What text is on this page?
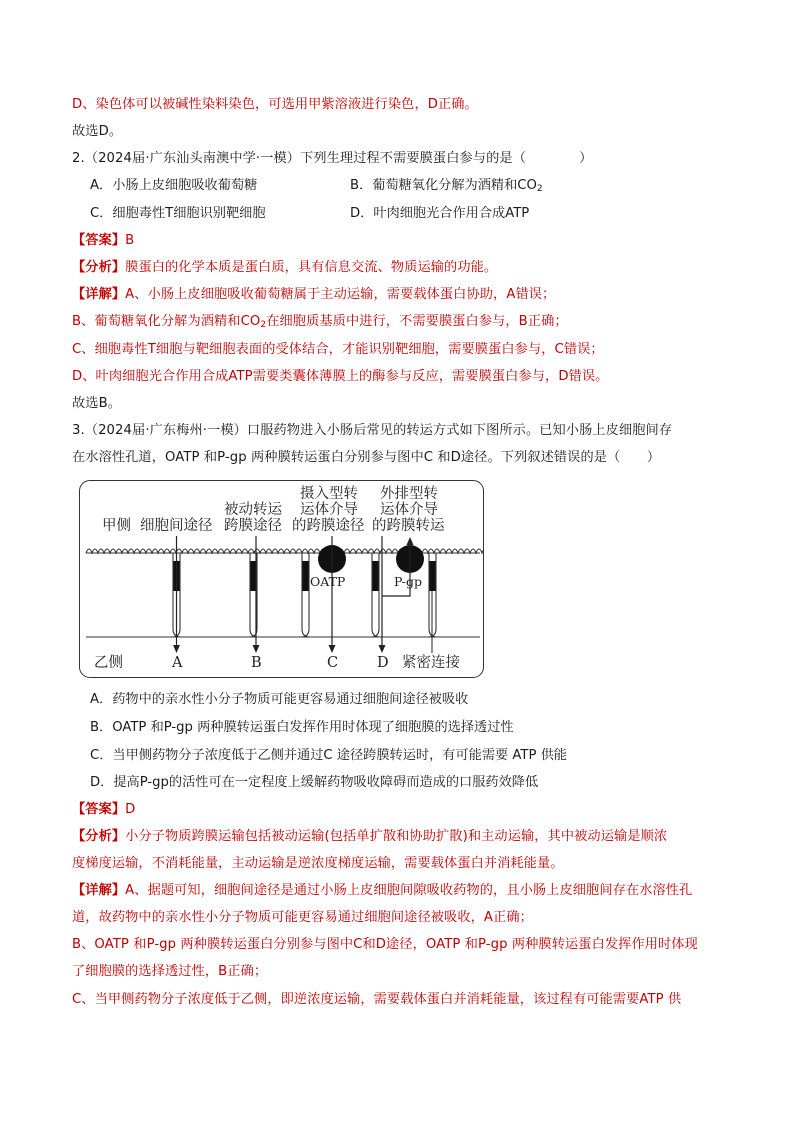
D、染色体可以被碱性染料染色，可选用甲紫溶液进行染色，D正确。
故选D。
2.（2024届·广东汕头南澳中学·一模）下列生理过程不需要膜蛋白参与的是（　　　　）
A．小肠上皮细胞吸收葡萄糖	B．葡萄糖氧化分解为酒精和$CO_2$
C．细胞毒性T细胞识别靶细胞	D．叶肉细胞光合作用合成ATP
【答案】B
【分析】膜蛋白的化学本质是蛋白质，具有信息交流、物质运输的功能。
【详解】A、小肠上皮细胞吸收葡萄糖属于主动运输，需要载体蛋白协助，A错误；
B、葡萄糖氧化分解为酒精和$CO_2$在细胞质基质中进行，不需要膜蛋白参与，B正确；
C、细胞毒性T细胞与靶细胞表面的受体结合，才能识别靶细胞，需要膜蛋白参与，C错误；
D、叶肉细胞光合作用合成ATP需要类囊体薄膜上的酶参与反应，需要膜蛋白参与，D错误。
故选B。
3.（2024届·广东梅州·一模）口服药物进入小肠后常见的转运方式如下图所示。已知小肠上皮细胞间存
在水溶性孔道，OATP 和P-gp 两种膜转运蛋白分别参与图中C 和D途径。下列叙述错误的是（　　）
甲侧 细胞间途径
被动转运
跨膜途径
摄入型转
运体介导
的跨膜途径
外排型转
运体介导
的跨膜转运
OATP	P-gp
乙侧	A	B	C	D 紧密连接
A．药物中的亲水性小分子物质可能更容易通过细胞间途径被吸收
B．OATP 和P-gp 两种膜转运蛋白发挥作用时体现了细胞膜的选择透过性
C．当甲侧药物分子浓度低于乙侧并通过C 途径跨膜转运时，有可能需要 ATP 供能
D．提高P-gp的活性可在一定程度上缓解药物吸收障碍而造成的口服药效降低
【答案】D
【分析】小分子物质跨膜运输包括被动运输(包括单扩散和协助扩散)和主动运输，其中被动运输是顺浓
度梯度运输，不消耗能量，主动运输是逆浓度梯度运输，需要载体蛋白并消耗能量。
【详解】A、据题可知，细胞间途径是通过小肠上皮细胞间隙吸收药物的，且小肠上皮细胞间存在水溶性孔
道，故药物中的亲水性小分子物质可能更容易通过细胞间途径被吸收，A正确；
B、OATP 和P-gp 两种膜转运蛋白分别参与图中C和D途径，OATP 和P-gp 两种膜转运蛋白发挥作用时体现
了细胞膜的选择透过性，B正确；
C、当甲侧药物分子浓度低于乙侧，即逆浓度运输，需要载体蛋白并消耗能量，该过程有可能需要ATP 供
